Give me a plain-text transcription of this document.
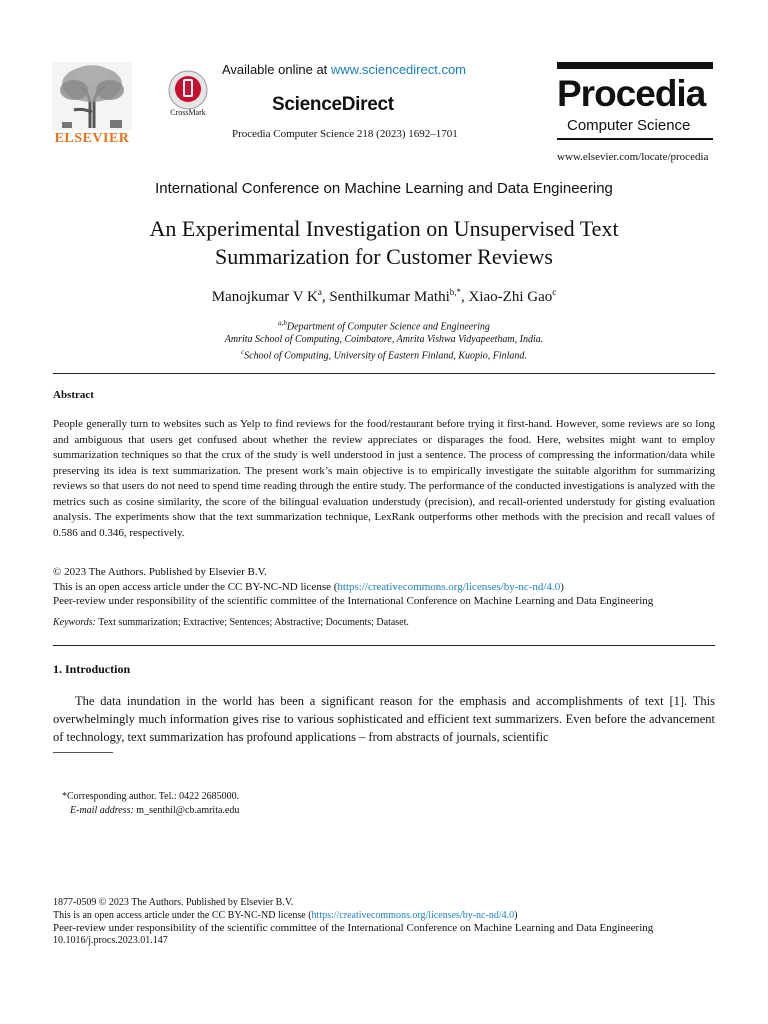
ELSEVIER
CrossMark
Available online at www.sciencedirect.com
ScienceDirect
Procedia Computer Science 218 (2023) 1692–1701
Procedia
Computer Science
www.elsevier.com/locate/procedia
International Conference on Machine Learning and Data Engineering
An Experimental Investigation on Unsupervised Text
Summarization for Customer Reviews
Manojkumar V $K^a$, Senthilkumar Mathi$^{b,*}$, Xiao-Zhi Gao$^c$
$^{a,b}$Department of Computer Science and Engineering
Amrita School of Computing, Coimbatore, Amrita Vishwa Vidyapeetham, India.
$^c$School of Computing, University of Eastern Finland, Kuopio, Finland.
Abstract
People generally turn to websites such as Yelp to find reviews for the food/restaurant before trying it first-hand. However, some reviews are so long and ambiguous that users get confused about whether the review appreciates or disparages the food. Here, websites might want to employ summarization techniques so that the crux of the study is well understood in just a sentence. The process of compressing the information/data while preserving its idea is text summarization. The present work’s main objective is to empirically investigate the suitable algorithm for summarizing reviews so that users do not need to spend time reading through the entire study. The performance of the conducted investigations is analyzed with the metrics such as cosine similarity, the score of the bilingual evaluation understudy (precision), and recall-oriented understudy for gisting evaluation analysis. The experiments show that the text summarization technique, LexRank outperforms other methods with the precision and recall values of 0.586 and 0.346, respectively.
© 2023 The Authors. Published by Elsevier B.V.
This is an open access article under the CC BY-NC-ND license (https://creativecommons.org/licenses/by-nc-nd/4.0)
Peer-review under responsibility of the scientific committee of the International Conference on Machine Learning and Data Engineering
Keywords: Text summarization; Extractive; Sentences; Abstractive; Documents; Dataset.
1. Introduction
The data inundation in the world has been a significant reason for the emphasis and accomplishments of text [1]. This overwhelmingly much information gives rise to various sophisticated and efficient text summarizers. Even before the advancement of technology, text summarization has profound applications – from abstracts of journals, scientific
*Corresponding author. Tel.: 0422 2685000.
E-mail address: m_senthil@cb.amrita.edu
1877-0509 © 2023 The Authors. Published by Elsevier B.V.
This is an open access article under the CC BY-NC-ND license (https://creativecommons.org/licenses/by-nc-nd/4.0)
Peer-review under responsibility of the scientific committee of the International Conference on Machine Learning and Data Engineering
10.1016/j.procs.2023.01.147
